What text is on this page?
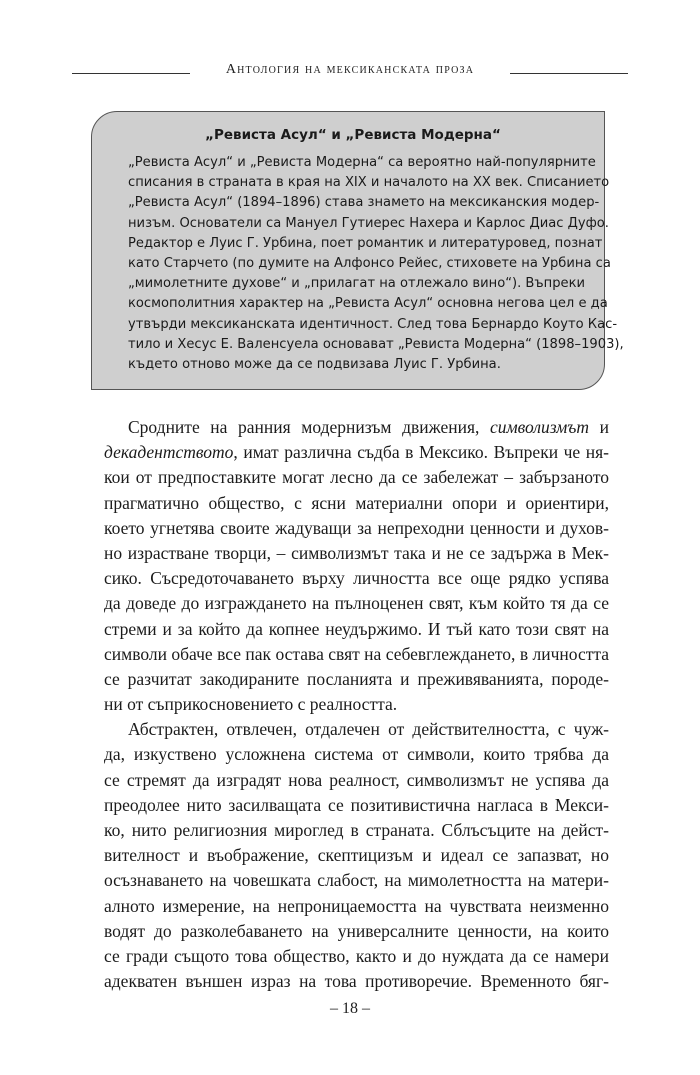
Антология на мексиканската проза

„Ревиста Асул“ и „Ревиста Модерна“

„Ревиста Асул“ и „Ревиста Модерна“ са вероятно най-популярните

списания в страната в края на XIX и началото на XX век. Списанието

„Ревиста Асул“ (1894–1896) става знамето на мексиканския модер-

низъм. Основатели са Мануел Гутиерес Нахера и Карлос Диас Дуфо.

Редактор е Луис Г. Урбина, поет романтик и литературовед, познат

като Старчето (по думите на Алфонсо Рейес, стиховете на Урбина са

„мимолетните духове“ и „прилагат на отлежало вино“). Въпреки

космополитния характер на „Ревиста Асул“ основна негова цел е да

утвърди мексиканската идентичност. След това Бернардо Коуто Кас-

тило и Хесус Е. Валенсуела основават „Ревиста Модерна“ (1898–1903),

където отново може да се подвизава Луис Г. Урбина.

Сродните на ранния модернизъм движения, символизмът и

декадентството, имат различна съдба в Мексико. Въпреки че ня-

кои от предпоставките могат лесно да се забележат – забързаното

прагматично общество, с ясни материални опори и ориентири,

което угнетява своите жадуващи за непреходни ценности и духов-

но израстване творци, – символизмът така и не се задържа в Мек-

сико. Съсредоточаването върху личността все още рядко успява

да доведе до изграждането на пълноценен свят, към който тя да се

стреми и за който да копнее неудържимо. И тъй като този свят на

символи обаче все пак остава свят на себевглеждането, в личността

се разчитат закодираните посланията и преживяванията, породе-

ни от съприкосновението с реалността.

Абстрактен, отвлечен, отдалечен от действителността, с чуж-

да, изкуствено усложнена система от символи, които трябва да

се стремят да изградят нова реалност, символизмът не успява да

преодолее нито засилващата се позитивистична нагласа в Мекси-

ко, нито религиозния мироглед в страната. Сблъсъците на дейст-

вителност и въображение, скептицизъм и идеал се запазват, но

осъзнаването на човешката слабост, на мимолетността на матери-

алното измерение, на непроницаемостта на чувствата неизменно

водят до разколебаването на универсалните ценности, на които

се гради същото това общество, както и до нуждата да се намери

адекватен външен израз на това противоречие. Временното бяг-

– 18 –
